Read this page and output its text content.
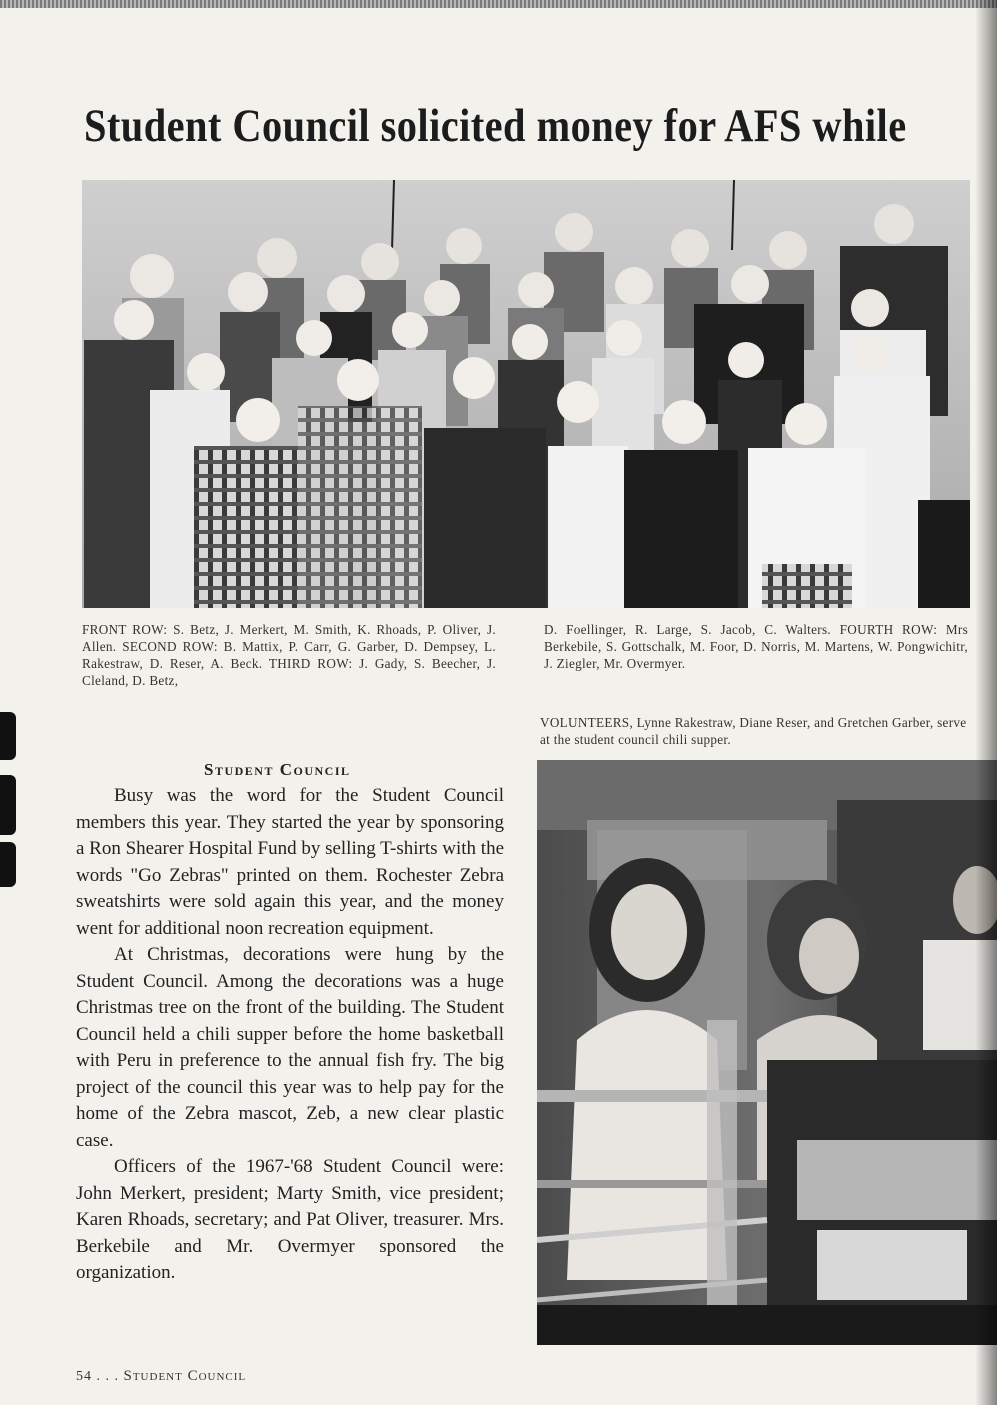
Student Council solicited money for AFS while

FRONT ROW: S. Betz, J. Merkert, M. Smith, K. Rhoads, P. Oliver, J. Allen. SECOND ROW: B. Mattix, P. Carr, G. Garber, D. Dempsey, L. Rakestraw, D. Reser, A. Beck. THIRD ROW: J. Gady, S. Beecher, J. Cleland, D. Betz,

D. Foellinger, R. Large, S. Jacob, C. Walters. FOURTH ROW: Mrs Berkebile, S. Gottschalk, M. Foor, D. Norris, M. Martens, W. Pongwichitr, J. Ziegler, Mr. Overmyer.

VOLUNTEERS, Lynne Rakestraw, Diane Reser, and Gretchen Garber, serve at the student council chili supper.

Student Council

Busy was the word for the Student Council members this year. They started the year by sponsoring a Ron Shearer Hospital Fund by selling T-shirts with the words "Go Zebras" printed on them. Rochester Zebra sweatshirts were sold again this year, and the money went for additional noon recreation equipment.

At Christmas, decorations were hung by the Student Council. Among the decorations was a huge Christmas tree on the front of the building. The Student Council held a chili supper before the home basketball with Peru in preference to the annual fish fry. The big project of the council this year was to help pay for the home of the Zebra mascot, Zeb, a new clear plastic case.

Officers of the 1967-'68 Student Council were: John Merkert, president; Marty Smith, vice president; Karen Rhoads, secretary; and Pat Oliver, treasurer. Mrs. Berkebile and Mr. Overmyer sponsored the organization.

54 . . . Student Council
